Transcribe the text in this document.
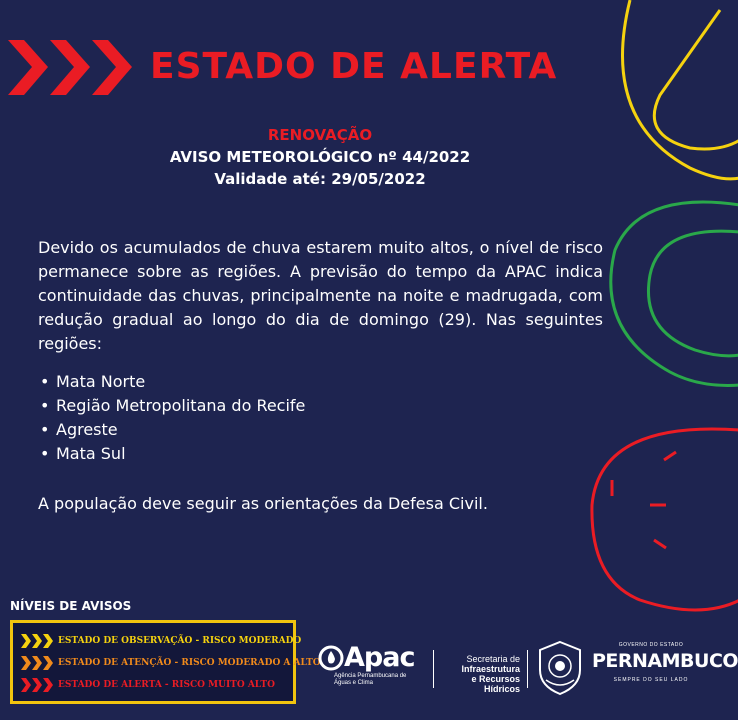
ESTADO DE ALERTA
RENOVAÇÃO
AVISO METEOROLÓGICO nº 44/2022
Validade até: 29/05/2022

Devido os acumulados de chuva estarem muito altos, o nível de risco permanece sobre as regiões. A previsão do tempo da APAC indica continuidade das chuvas, principalmente na noite e madrugada, com redução gradual ao longo do dia de domingo (29). Nas seguintes regiões:

• Mata Norte
• Região Metropolitana do Recife
• Agreste
• Mata Sul
A população deve seguir as orientações da Defesa Civil.
NÍVEIS DE AVISOS
ESTADO DE OBSERVAÇÃO - RISCO MODERADO
ESTADO DE ATENÇÃO - RISCO MODERADO A ALTO
ESTADO DE ALERTA - RISCO MUITO ALTO
Apac
Agência Pernambucana de Águas e Clima
Secretaria de
Infraestrutura
e Recursos Hídricos
GOVERNO DO ESTADO
PERNAMBUCO
SEMPRE DO SEU LADO
